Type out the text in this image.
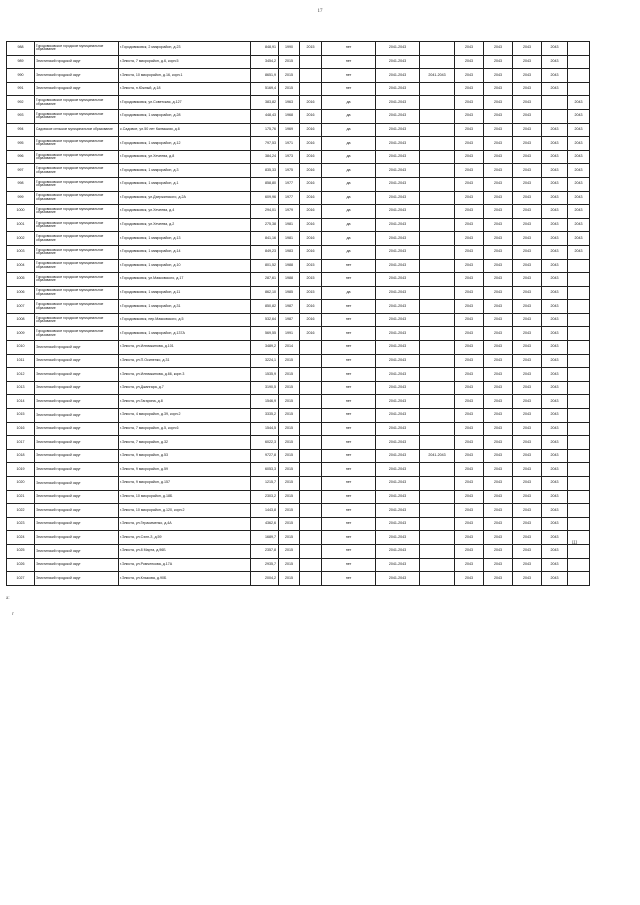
17
988	Городовиковское городское муниципальное образование	г.Городовиковск, 2 микрорайон, д.23	848,91	1990	2015	нет	2041-2043		2043	2043	2043	2043	
989	Элистинский городской округ	г.Элиста, 7 микрорайон, д.6, корп.5	3454,2	2015		нет	2041-2043		2043	2043	2043	2043	
990	Элистинский городской округ	г.Элиста, 10 микрорайон, д.16, корп.1	8651,9	2015		нет	2041-2043	2041-2043	2043	2043	2043	2043	
991	Элистинский городской округ	г.Элиста, п.Южный, д.18	5169,4	2015		нет	2041-2043		2043	2043	2043	2043	
992	Городовиковское городское муниципальное образование	г.Городовиковск, ул.Советская, д.127	383,82	1963	2016	да	2041-2043		2043	2043	2043		2043
993	Городовиковское городское муниципальное образование	г.Городовиковск, 1 микрорайон, д.28	448,43	1968	2016	да	2041-2043		2043	2043	2043		2043
994	Садовское сельское муниципальное образование	с.Садовое, ул.50 лет Калмыкии, д.6	175,76	1969	2016	да	2041-2043		2043	2043	2043	2043	2043
995	Городовиковское городское муниципальное образование	г.Городовиковск, 1 микрорайон, д.12	797,53	1971	2016	да	2041-2043		2043	2043	2043	2043	2043
996	Городовиковское городское муниципальное образование	г.Городовиковск, ул.Хечеева, д.8	384,24	1973	2016	да	2041-2043		2043	2043	2043	2043	2043
997	Городовиковское городское муниципальное образование	г.Городовиковск, 1 микрорайон, д.3	835,33	1975	2016	да	2041-2043		2043	2043	2043	2043	2043
998	Городовиковское городское муниципальное образование	г.Городовиковск, 1 микрорайон, д.1	858,80	1977	2016	да	2041-2043		2043	2043	2043	2043	2043
999	Городовиковское городское муниципальное образование	г.Городовиковск, ул.Дзержинского, д.2А	609,96	1977	2016	да	2041-2043		2043	2043	2043	2043	2043
1000	Городовиковское городское муниципальное образование	г.Городовиковск, ул.Хечеева, д.4	294,01	1979	2016	да	2041-2043		2043	2043	2043	2043	2043
1001	Городовиковское городское муниципальное образование	г.Городовиковск, ул.Хечеева, д.2	275,38	1981	2016	да	2041-2043		2043	2043	2043	2043	2043
1002	Городовиковское городское муниципальное образование	г.Городовиковск, 1 микрорайон, д.13	841,16	1981	2016	да	2041-2043		2043	2043	2043	2043	2043
1003	Городовиковское городское муниципальное образование	г.Городовиковск, 1 микрорайон, д.14	849,23	1983	2016	да	2041-2043		2043	2043	2043	2043	2043
1004	Городовиковское городское муниципальное образование	г.Городовиковск, 1 микрорайон, д.10	801,52	1988	2015	нет	2041-2043		2043	2043	2043	2043	
1005	Городовиковское городское муниципальное образование	г.Городовиковск, ул.Маяковского, д.17	287,61	1988	2015	нет	2041-2043		2043	2043	2043	2043	
1006	Городовиковское городское муниципальное образование	г.Городовиковск, 1 микрорайон, д.11	862,10	1985	2015	да	2041-2043		2043	2043	2043	2043	
1007	Городовиковское городское муниципальное образование	г.Городовиковск, 1 микрорайон, д.31	850,82	1987	2016	нет	2041-2043		2043	2043	2043	2043	
1008	Городовиковское городское муниципальное образование	г.Городовиковск, пер.Маяковского, д.5	532,64	1987	2016	нет	2041-2043		2043	2043	2043	2043	
1009	Городовиковское городское муниципальное образование	г.Городовиковск, 1 микрорайон, д.137А	569,55	1991	2016	нет	2041-2043		2043	2043	2043	2043	
1010	Элистинский городской округ	г.Элиста, ул.Илюмжинова, д.101	3489,2	2014		нет	2041-2043		2043	2043	2043	2043	
1011	Элистинский городской округ	г.Элиста, ул.П.Осипенко, д.31	3224,1	2015		нет	2041-2043		2043	2043	2043	2043	
1012	Элистинский городской округ	г.Элиста, ул.Илюмжинова, д.66, корп.3	1535,9	2015		нет	2041-2043		2043	2043	2043	2043	
1013	Элистинский городской округ	г.Элиста, ул.Джангара, д.7	3190,5	2015		нет	2041-2043		2043	2043	2043	2043	
1014	Элистинский городской округ	г.Элиста, ул.Гагарина, д.8	1546,9	2015		нет	2041-2043		2043	2043	2043	2043	
1015	Элистинский городской округ	г.Элиста, 4 микрорайон, д.39, корп.2	3335,2	2015		нет	2041-2043		2043	2043	2043	2043	
1016	Элистинский городской округ	г.Элиста, 7 микрорайон, д.5, корп.6	1544,5	2015		нет	2041-2043		2043	2043	2043	2043	
1017	Элистинский городской округ	г.Элиста, 7 микрорайон, д.32	6022,3	2015		нет	2041-2043		2043	2043	2043	2043	
1018	Элистинский городской округ	г.Элиста, 9 микрорайон, д.53	9727,8	2015		нет	2041-2043	2041-2043	2043	2043	2043	2043	
1019	Элистинский городской округ	г.Элиста, 9 микрорайон, д.59	6053,3	2015		нет	2041-2043		2043	2043	2043	2043	
1020	Элистинский городской округ	г.Элиста, 9 микрорайон, д.157	1215,7	2015		нет	2041-2043		2043	2043	2043	2043	
1021	Элистинский городской округ	г.Элиста, 10 микрорайон, д.18Б	2303,2	2015		нет	2041-2043		2043	2043	2043	2043	
1022	Элистинский городской округ	г.Элиста, 10 микрорайон, д.120, корп.2	1443,8	2015		нет	2041-2043		2043	2043	2043	2043	
1023	Элистинский городской округ	г.Элиста, ул.Герасименко, д.4А	4362,6	2015		нет	2041-2043		2043	2043	2043	2043	
1024	Элистинский городской округ	г.Элиста, ул.Сэлн-З, д.59	1689,7	2015		нет	2041-2043		2043	2043	2043	2043	
1025	Элистинский городской округ	г.Элиста, ул.8 Марта, д.96Б	2357,8	2015		нет	2041-2043		2043	2043	2043	2043	
1026	Элистинский городской округ	г.Элиста, ул.Ромченкова, д.17А	2935,7	2015		нет	2041-2043		2043	2043	2043	2043	
1027	Элистинский городской округ	г.Элиста, ул.Клыкова, д.90Б	2004,2	2015		нет	2041-2043		2043	2043	2043	2043	
Ш
а:
г
